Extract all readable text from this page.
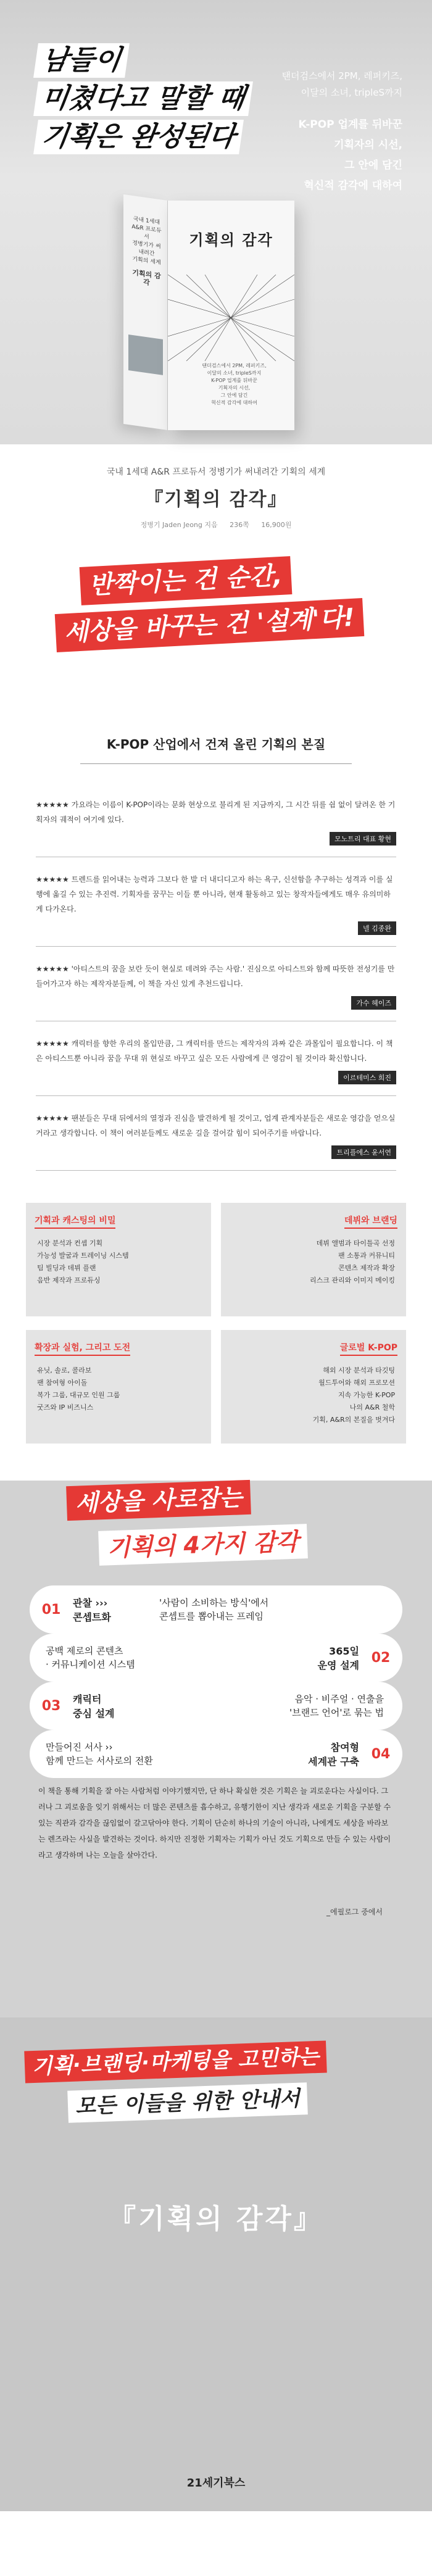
남들이
미쳤다고 말할 때
기획은 완성된다
탠더검스에서 2PM, 레퍼키즈,
이달의 소녀, tripleS까지
K-POP 업계를 뒤바꾼
기획자의 시선,
그 안에 담긴
혁신적 감각에 대하여
국내 1세대
A&R 프로듀서
정병기가 써내려간
기획의 세계
기획의 감각
기획의 감각
탠더검스에서 2PM, 레퍼키즈,
이달의 소녀, tripleS까지
K-POP 업계를 뒤바꾼
기획자의 시선,
그 안에 담긴
혁신적 감각에 대하여
국내 1세대 A&R 프로듀서 정병기가 써내려간 기획의 세계
『기획의 감각』
정병기 Jaden Jeong 지음 236쪽 16,900원
반짝이는 건 순간,
세상을 바꾸는 건 '설계'다!
K-POP 산업에서 건져 올린 기획의 본질
★★★★★ 가요라는 이름이 K-POP이라는 문화 현상으로 불리게 된 지금까지, 그 시간 뒤를 쉼 없이 달려온 한 기획자의 궤적이 여기에 있다.
모노트리 대표 황현
★★★★★ 트렌드를 읽어내는 능력과 그보다 한 발 더 내디디고자 하는 욕구, 신선함을 추구하는 성격과 이를 실행에 옮길 수 있는 추진력. 기획자를 꿈꾸는 이들 뿐 아니라, 현재 활동하고 있는 창작자들에게도 매우 유의미하게 다가온다.
넬 김종완
★★★★★ '아티스트의 꿈을 보란 듯이 현실로 데려와 주는 사람.' 진심으로 아티스트와 함께 따뜻한 전성기를 만들어가고자 하는 제작자분들께, 이 책을 자신 있게 추천드립니다.
가수 헤이즈
★★★★★ 캐릭터를 향한 우리의 몰입만큼, 그 캐릭터를 만드는 제작자의 과짜 같은 과몰입이 필요합니다. 이 책은 아티스트뿐 아니라 꿈을 무대 위 현실로 바꾸고 싶은 모든 사람에게 큰 영감이 될 것이라 확신합니다.
이르테미스 희진
★★★★★ 팬분들은 무대 뒤에서의 열정과 진심을 발견하게 될 것이고, 업계 관계자분들은 새로운 영감을 얻으실 거라고 생각합니다. 이 책이 여러분들께도 새로운 길을 걸어갈 힘이 되어주기를 바랍니다.
트리플에스 윤서연
기획과 캐스팅의 비밀
시장 분석과 컨셉 기획
가능성 발굴과 트레이닝 시스템
팀 빌딩과 데뷔 플랜
음반 제작과 프로듀싱
데뷔와 브랜딩
데뷔 앨범과 타이틀곡 선정
팬 소통과 커뮤니티
콘텐츠 제작과 확장
리스크 관리와 이미지 메이킹
확장과 실험, 그리고 도전
유닛, 솔로, 콜라보
팬 참여형 아이돌
복가 그룹, 대규모 인원 그룹
굿즈와 IP 비즈니스
글로벌 K-POP
해외 시장 분석과 타깃팅
월드투어와 해외 프로모션
지속 가능한 K-POP
나의 A&R 철학
기획, A&R의 본질을 벗겨다
세상을 사로잡는
기획의 4가지 감각
01	관찰 ›››
콘셉트화
'사람이 소비하는 방식'에서
콘셉트를 뽑아내는 프레임
공백 제로의 콘텐츠
· 커뮤니케이션 시스템
365일
운영 설계 02
03	캐릭터
중심 설계
음악 · 비주얼 · 연출을
'브랜드 언어'로 묶는 법
만들어진 서사 ››
함께 만드는 서사로의 전환
참여형
세계관 구축 04
이 책을 통해 기획을 잘 아는 사람처럼 이야기했지만, 단 하나 확실한 것은 기획은 늘 괴로운다는 사실이다. 그러나 그 괴로움을 잊기 위해서는 더 많은 콘텐츠를 흡수하고, 유행기한이 지난 생각과 새로운 기획을 구분할 수 있는 직관과 감각을 끊임없이 갈고닦아야 한다. 기획이 단순히 하나의 기술이 아니라, 나에게도 세상을 바라보는 렌즈라는 사실을 발견하는 것이다. 하지만 진정한 기획자는 기획가 아닌 것도 기획으로 만들 수 있는 사람이라고 생각하며 나는 오늘을 살아간다.
_에필로그 중에서
기획·브랜딩·마케팅을 고민하는
모든 이들을 위한 안내서
『기획의 감각』
21세기북스
